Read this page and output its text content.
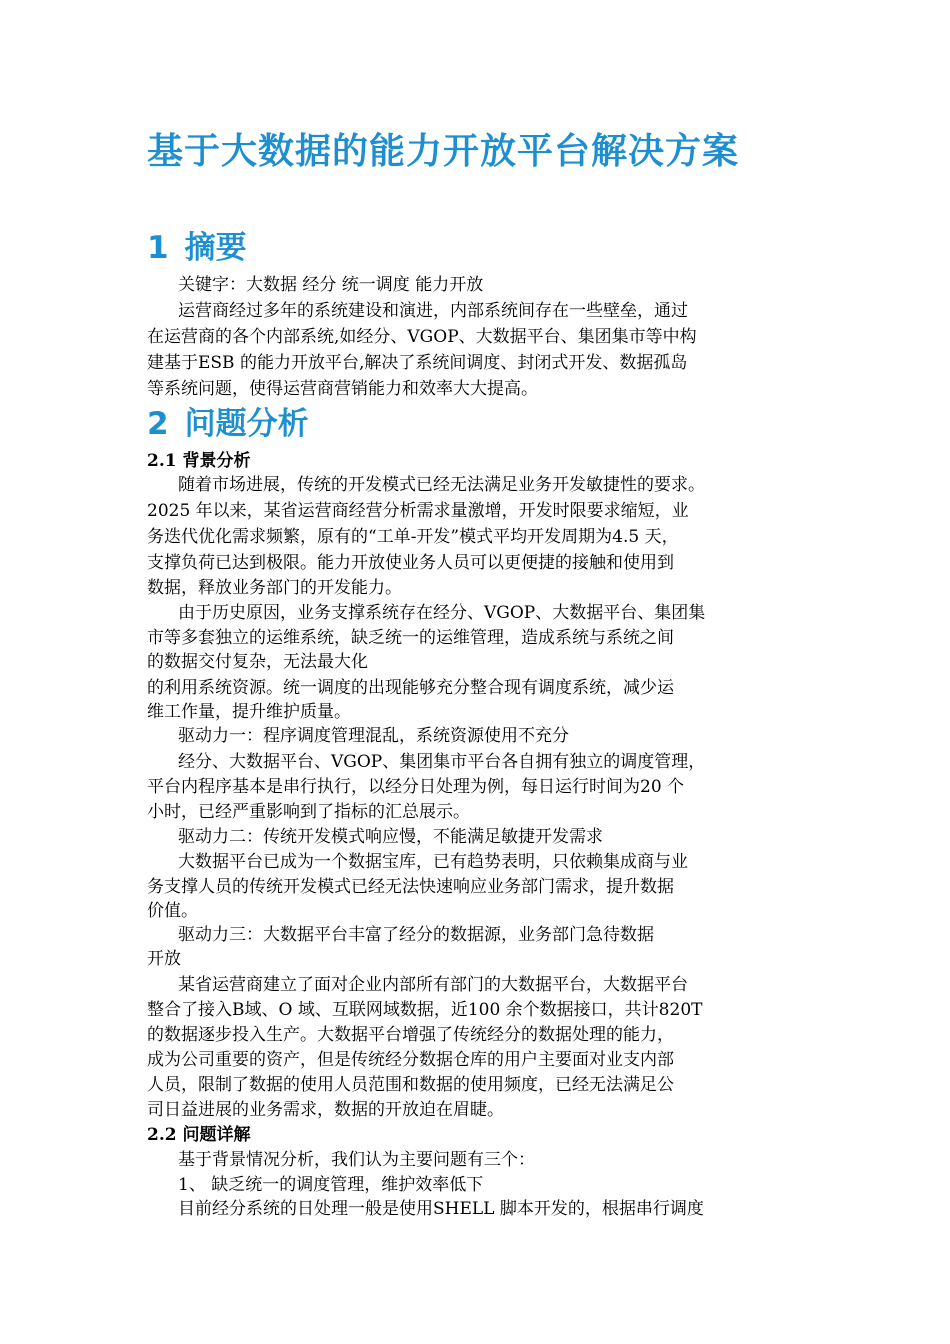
基于大数据的能力开放平台解决方案
1 摘要

关键字：大数据 经分 统一调度 能力开放

运营商经过多年的系统建设和演进，内部系统间存在一些壁垒，通过

在运营商的各个内部系统,如经分、VGOP、大数据平台、集团集市等中构

建基于ESB 的能力开放平台,解决了系统间调度、封闭式开发、数据孤岛

等系统问题，使得运营商营销能力和效率大大提高。

2 问题分析
2.1 背景分析

随着市场进展，传统的开发模式已经无法满足业务开发敏捷性的要求。

2025 年以来，某省运营商经营分析需求量激增，开发时限要求缩短，业

务迭代优化需求频繁，原有的“工单-开发”模式平均开发周期为4.5 天，

支撑负荷已达到极限。能力开放使业务人员可以更便捷的接触和使用到

数据，释放业务部门的开发能力。

由于历史原因，业务支撑系统存在经分、VGOP、大数据平台、集团集

市等多套独立的运维系统，缺乏统一的运维管理，造成系统与系统之间

的数据交付复杂，无法最大化

的利用系统资源。统一调度的出现能够充分整合现有调度系统，减少运

维工作量，提升维护质量。

驱动力一：程序调度管理混乱，系统资源使用不充分

经分、大数据平台、VGOP、集团集市平台各自拥有独立的调度管理，

平台内程序基本是串行执行，以经分日处理为例，每日运行时间为20 个

小时，已经严重影响到了指标的汇总展示。

驱动力二：传统开发模式响应慢，不能满足敏捷开发需求

大数据平台已成为一个数据宝库，已有趋势表明，只依赖集成商与业

务支撑人员的传统开发模式已经无法快速响应业务部门需求，提升数据

价值。

驱动力三：大数据平台丰富了经分的数据源，业务部门急待数据

开放

某省运营商建立了面对企业内部所有部门的大数据平台，大数据平台

整合了接入B域、O 域、互联网域数据，近100 余个数据接口，共计820T

的数据逐步投入生产。大数据平台增强了传统经分的数据处理的能力，

成为公司重要的资产，但是传统经分数据仓库的用户主要面对业支内部

人员，限制了数据的使用人员范围和数据的使用频度，已经无法满足公

司日益进展的业务需求，数据的开放迫在眉睫。

2.2 问题详解

基于背景情况分析，我们认为主要问题有三个：

1、 缺乏统一的调度管理，维护效率低下

目前经分系统的日处理一般是使用SHELL 脚本开发的，根据串行调度
